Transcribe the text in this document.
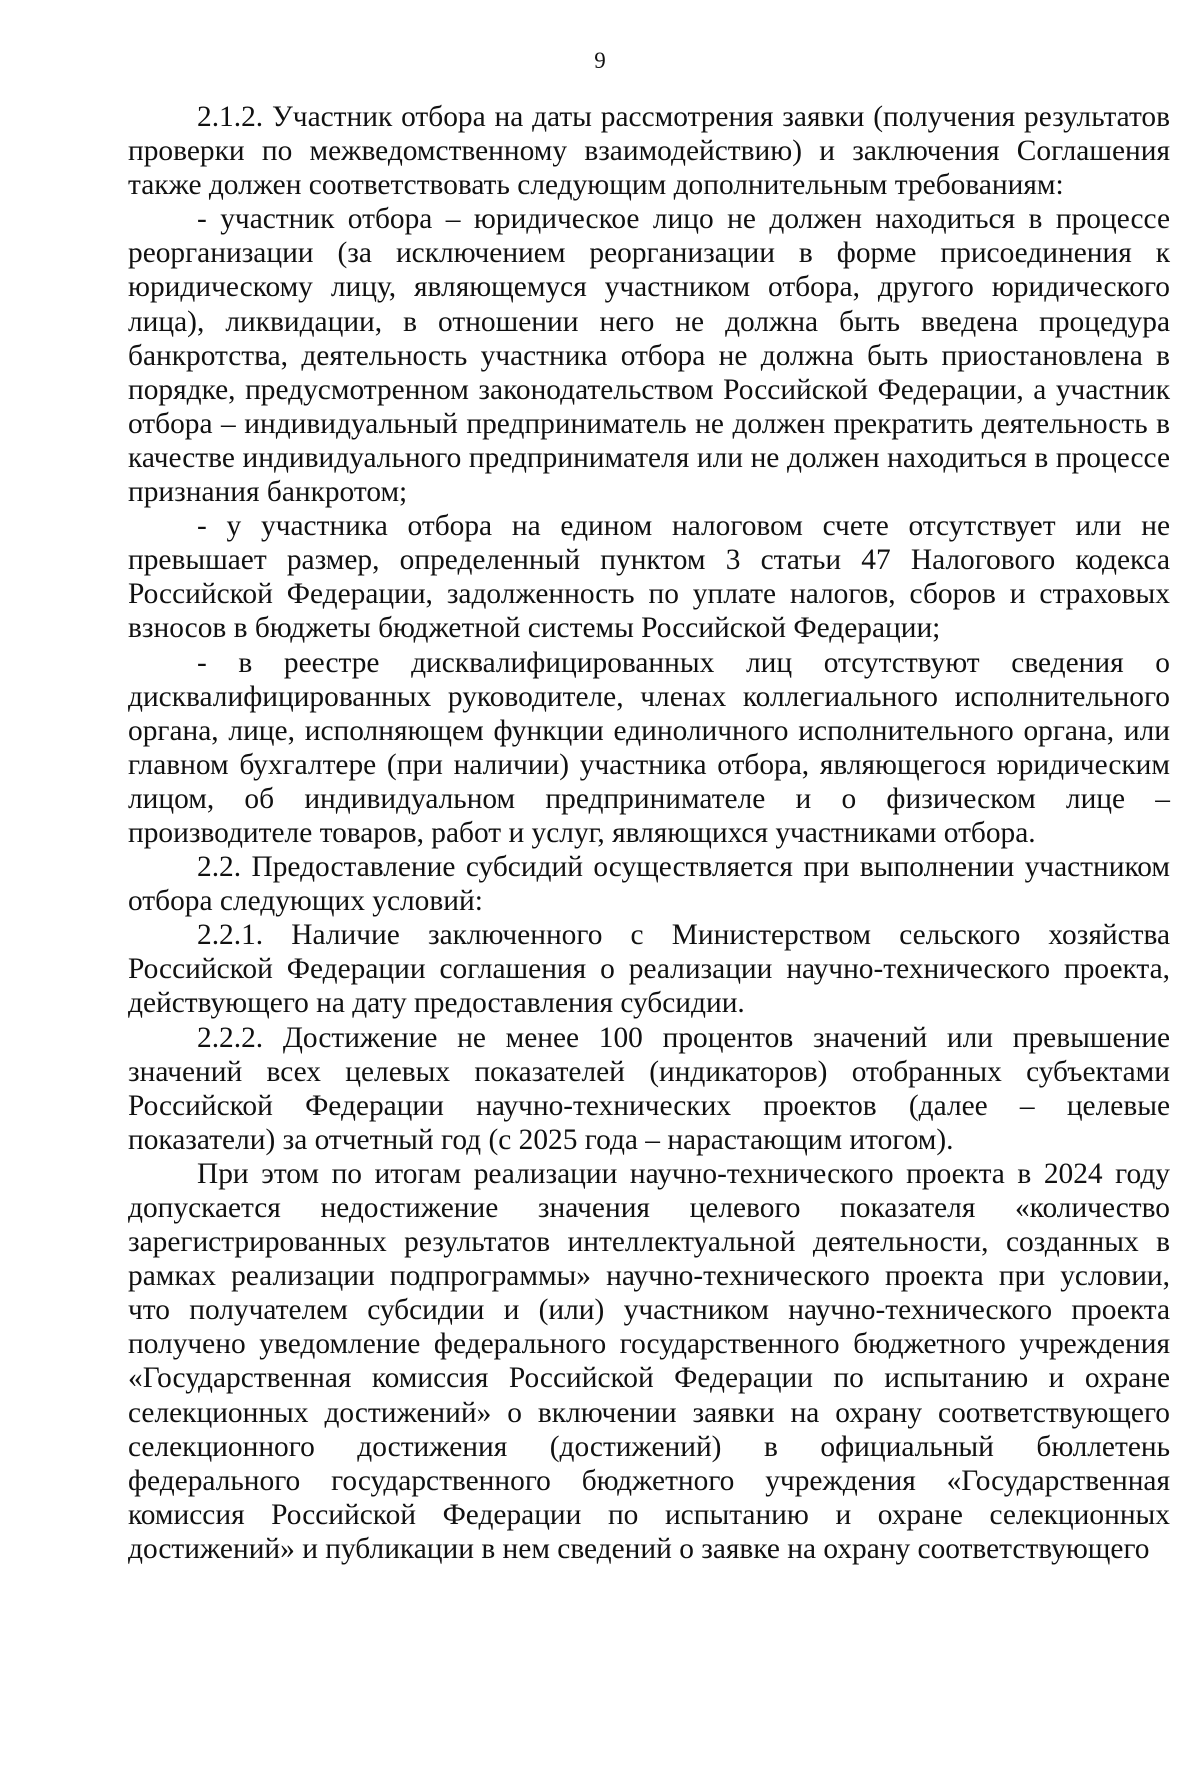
9

2.1.2. Участник отбора на даты рассмотрения заявки (получения результатов проверки по межведомственному взаимодействию) и заключения Соглашения также должен соответствовать следующим дополнительным требованиям:

- участник отбора – юридическое лицо не должен находиться в процессе реорганизации (за исключением реорганизации в форме присоединения к юридическому лицу, являющемуся участником отбора, другого юридического лица), ликвидации, в отношении него не должна быть введена процедура банкротства, деятельность участника отбора не должна быть приостановлена в порядке, предусмотренном законодательством Российской Федерации, а участник отбора – индивидуальный предприниматель не должен прекратить деятельность в качестве индивидуального предпринимателя или не должен находиться в процессе признания банкротом;

- у участника отбора на едином налоговом счете отсутствует или не превышает размер, определенный пунктом 3 статьи 47 Налогового кодекса Российской Федерации, задолженность по уплате налогов, сборов и страховых взносов в бюджеты бюджетной системы Российской Федерации;

- в реестре дисквалифицированных лиц отсутствуют сведения о дисквалифицированных руководителе, членах коллегиального исполнительного органа, лице, исполняющем функции единоличного исполнительного органа, или главном бухгалтере (при наличии) участника отбора, являющегося юридическим лицом, об индивидуальном предпринимателе и о физическом лице – производителе товаров, работ и услуг, являющихся участниками отбора.

2.2. Предоставление субсидий осуществляется при выполнении участником отбора следующих условий:

2.2.1. Наличие заключенного с Министерством сельского хозяйства Российской Федерации соглашения о реализации научно-технического проекта, действующего на дату предоставления субсидии.

2.2.2. Достижение не менее 100 процентов значений или превышение значений всех целевых показателей (индикаторов) отобранных субъектами Российской Федерации научно-технических проектов (далее – целевые показатели) за отчетный год (с 2025 года – нарастающим итогом).

При этом по итогам реализации научно-технического проекта в 2024 году допускается недостижение значения целевого показателя «количество зарегистрированных результатов интеллектуальной деятельности, созданных в рамках реализации подпрограммы» научно-технического проекта при условии, что получателем субсидии и (или) участником научно-технического проекта получено уведомление федерального государственного бюджетного учреждения «Государственная комиссия Российской Федерации по испытанию и охране селекционных достижений» о включении заявки на охрану соответствующего селекционного достижения (достижений) в официальный бюллетень федерального государственного бюджетного учреждения «Государственная комиссия Российской Федерации по испытанию и охране селекционных достижений» и публикации в нем сведений о заявке на охрану соответствующего
